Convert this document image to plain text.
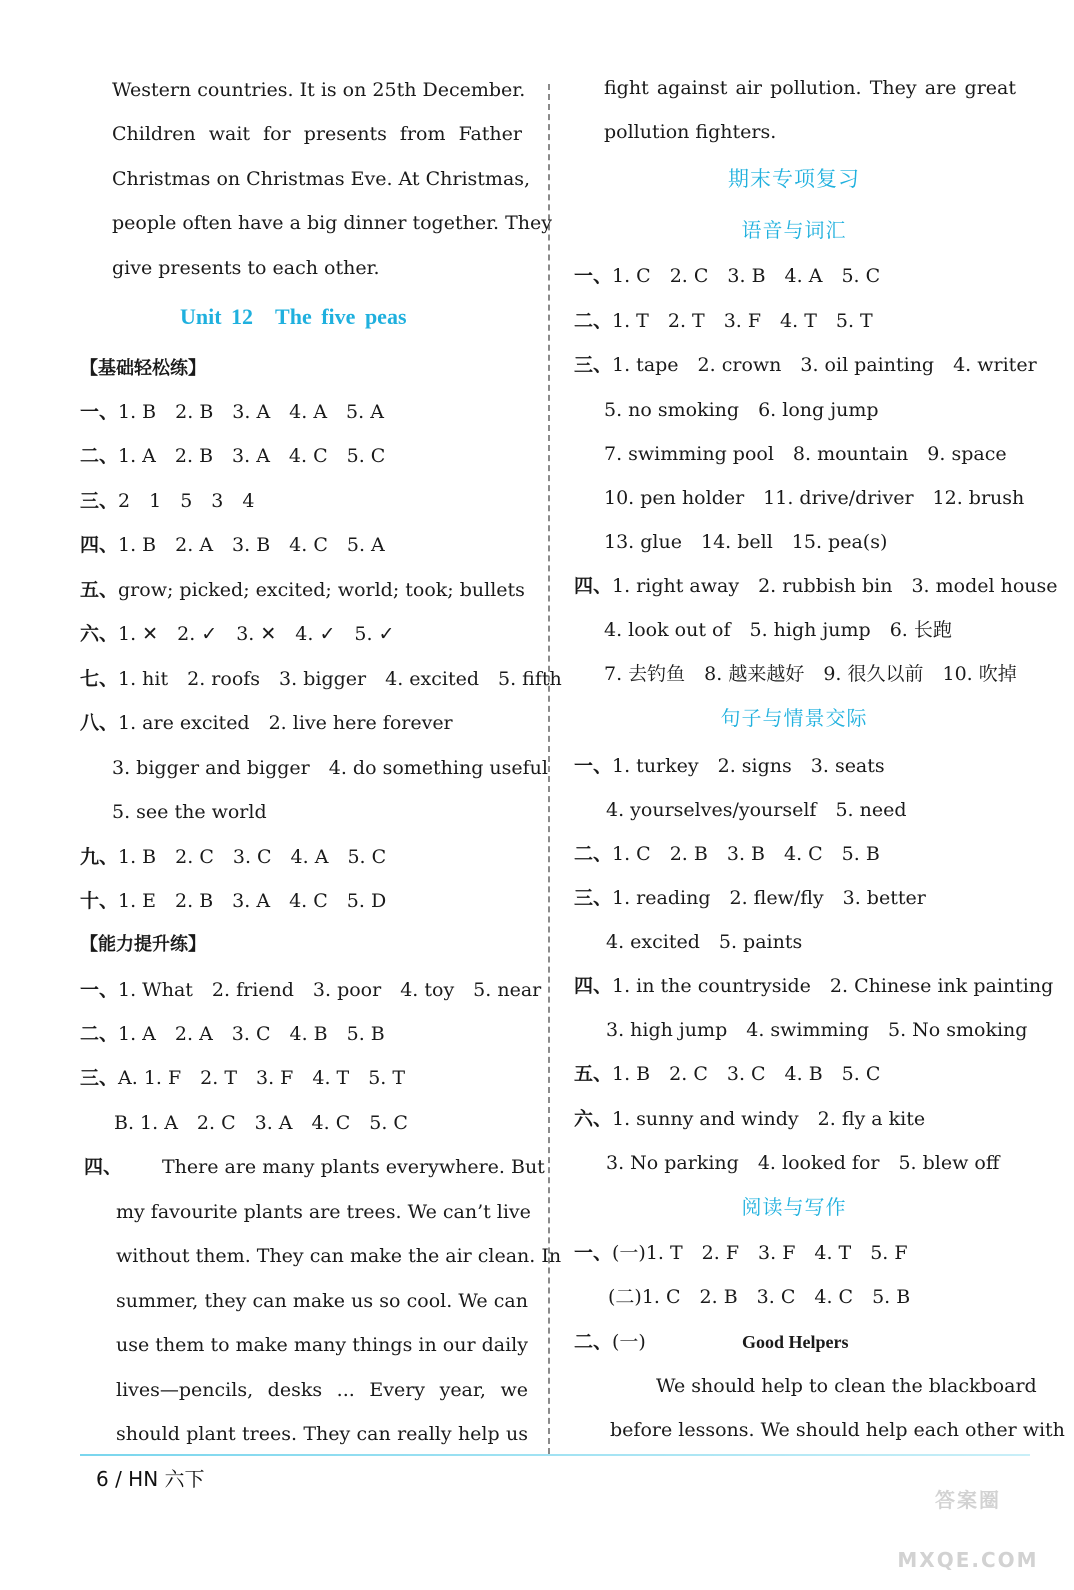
Western countries. It is on 25th December.
Children wait for presents from Father
Christmas on Christmas Eve. At Christmas,
people often have a big dinner together. They
give presents to each other.
Unit 12　The five peas
【基础轻松练】
一、1. B　2. B　3. A　4. A　5. A
二、1. A　2. B　3. A　4. C　5. C
三、2　1　5　3　4
四、1. B　2. A　3. B　4. C　5. A
五、grow; picked; excited; world; took; bullets
六、1. ✕　2. ✓　3. ✕　4. ✓　5. ✓
七、1. hit　2. roofs　3. bigger　4. excited　5. fifth
八、1. are excited　2. live here forever
3. bigger and bigger　4. do something useful
5. see the world
九、1. B　2. C　3. C　4. A　5. C
十、1. E　2. B　3. A　4. C　5. D
【能力提升练】
一、1. What　2. friend　3. poor　4. toy　5. near
二、1. A　2. A　3. C　4. B　5. B
三、A. 1. F　2. T　3. F　4. T　5. T
B. 1. A　2. C　3. A　4. C　5. C
四、 There are many plants everywhere. But
my favourite plants are trees. We can’t live
without them. They can make the air clean. In
summer, they can make us so cool. We can
use them to make many things in our daily
lives—pencils, desks ... Every year, we
should plant trees. They can really help us
fight against air pollution. They are great
pollution fighters.
期末专项复习
语音与词汇
一、1. C　2. C　3. B　4. A　5. C
二、1. T　2. T　3. F　4. T　5. T
三、1. tape　2. crown　3. oil painting　4. writer
5. no smoking　6. long jump
7. swimming pool　8. mountain　9. space
10. pen holder　11. drive/driver　12. brush
13. glue　14. bell　15. pea(s)
四、1. right away　2. rubbish bin　3. model house
4. look out of　5. high jump　6. 长跑
7. 去钓鱼　8. 越来越好　9. 很久以前　10. 吹掉
句子与情景交际
一、1. turkey　2. signs　3. seats
4. yourselves/yourself　5. need
二、1. C　2. B　3. B　4. C　5. B
三、1. reading　2. flew/fly　3. better
4. excited　5. paints
四、1. in the countryside　2. Chinese ink painting
3. high jump　4. swimming　5. No smoking
五、1. B　2. C　3. C　4. B　5. C
六、1. sunny and windy　2. fly a kite
3. No parking　4. looked for　5. blew off
阅读与写作
一、(一)1. T　2. F　3. F　4. T　5. F
(二)1. C　2. B　3. C　4. C　5. B
二、(一)	Good Helpers
We should help to clean the blackboard
before lessons. We should help each other with
6 / HN 六下
答案圈 MXQE.COM
